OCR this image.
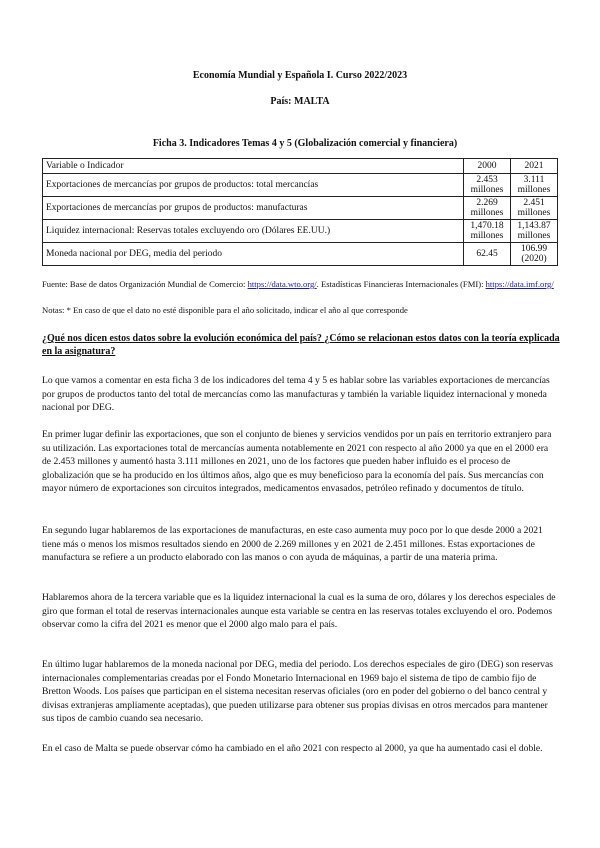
Economía Mundial y Española I. Curso 2022/2023
País: MALTA
Ficha 3. Indicadores Temas 4 y 5 (Globalización comercial y financiera)
Variable o Indicador	2000	2021
Exportaciones de mercancías por grupos de productos: total mercancías	2.453 millones	3.111 millones
Exportaciones de mercancías por grupos de productos: manufacturas	2.269 millones	2.451 millones
Liquidez internacional: Reservas totales excluyendo oro (Dólares EE.UU.)	1,470.18 millones	1,143.87 millones
Moneda nacional por DEG, media del periodo	62.45	106.99 (2020)
Fuente: Base de datos Organización Mundial de Comercio: https://data.wto.org/. Estadísticas Financieras Internacionales (FMI): https://data.imf.org/
Notas: * En caso de que el dato no esté disponible para el año solicitado, indicar el año al que corresponde
¿Qué nos dicen estos datos sobre la evolución económica del país? ¿Cómo se relacionan estos datos con la teoría explicada en la asignatura?

Lo que vamos a comentar en esta ficha 3 de los indicadores del tema 4 y 5 es hablar sobre las variables exportaciones de mercancías por grupos de productos tanto del total de mercancías como las manufacturas y también la variable liquidez internacional y moneda nacional por DEG.

En primer lugar definir las exportaciones, que son el conjunto de bienes y servicios vendidos por un país en territorio extranjero para su utilización. Las exportaciones total de mercancías aumenta notablemente en 2021 con respecto al año 2000 ya que en el 2000 era de 2.453 millones y aumentó hasta 3.111 millones en 2021, uno de los factores que pueden haber influido es el proceso de globalización que se ha producido en los últimos años, algo que es muy beneficioso para la economía del país. Sus mercancías con mayor número de exportaciones son circuitos integrados, medicamentos envasados, petróleo refinado y documentos de título.

En segundo lugar hablaremos de las exportaciones de manufacturas, en este caso aumenta muy poco por lo que desde 2000 a 2021 tiene más o menos los mismos resultados siendo en 2000 de 2.269 millones y en 2021 de 2.451 millones. Estas exportaciones de manufactura se refiere a un producto elaborado con las manos o con ayuda de máquinas, a partir de una materia prima.

Hablaremos ahora de la tercera variable que es la liquidez internacional la cual es la suma de oro, dólares y los derechos especiales de giro que forman el total de reservas internacionales aunque esta variable se centra en las reservas totales excluyendo el oro. Podemos observar como la cifra del 2021 es menor que el 2000 algo malo para el país.

En último lugar hablaremos de la moneda nacional por DEG, media del periodo. Los derechos especiales de giro (DEG) son reservas internacionales complementarias creadas por el Fondo Monetario Internacional en 1969 bajo el sistema de tipo de cambio fijo de Bretton Woods. Los países que participan en el sistema necesitan reservas oficiales (oro en poder del gobierno o del banco central y divisas extranjeras ampliamente aceptadas), que pueden utilizarse para obtener sus propias divisas en otros mercados para mantener sus tipos de cambio cuando sea necesario.

En el caso de Malta se puede observar cómo ha cambiado en el año 2021 con respecto al 2000, ya que ha aumentado casi el doble.
